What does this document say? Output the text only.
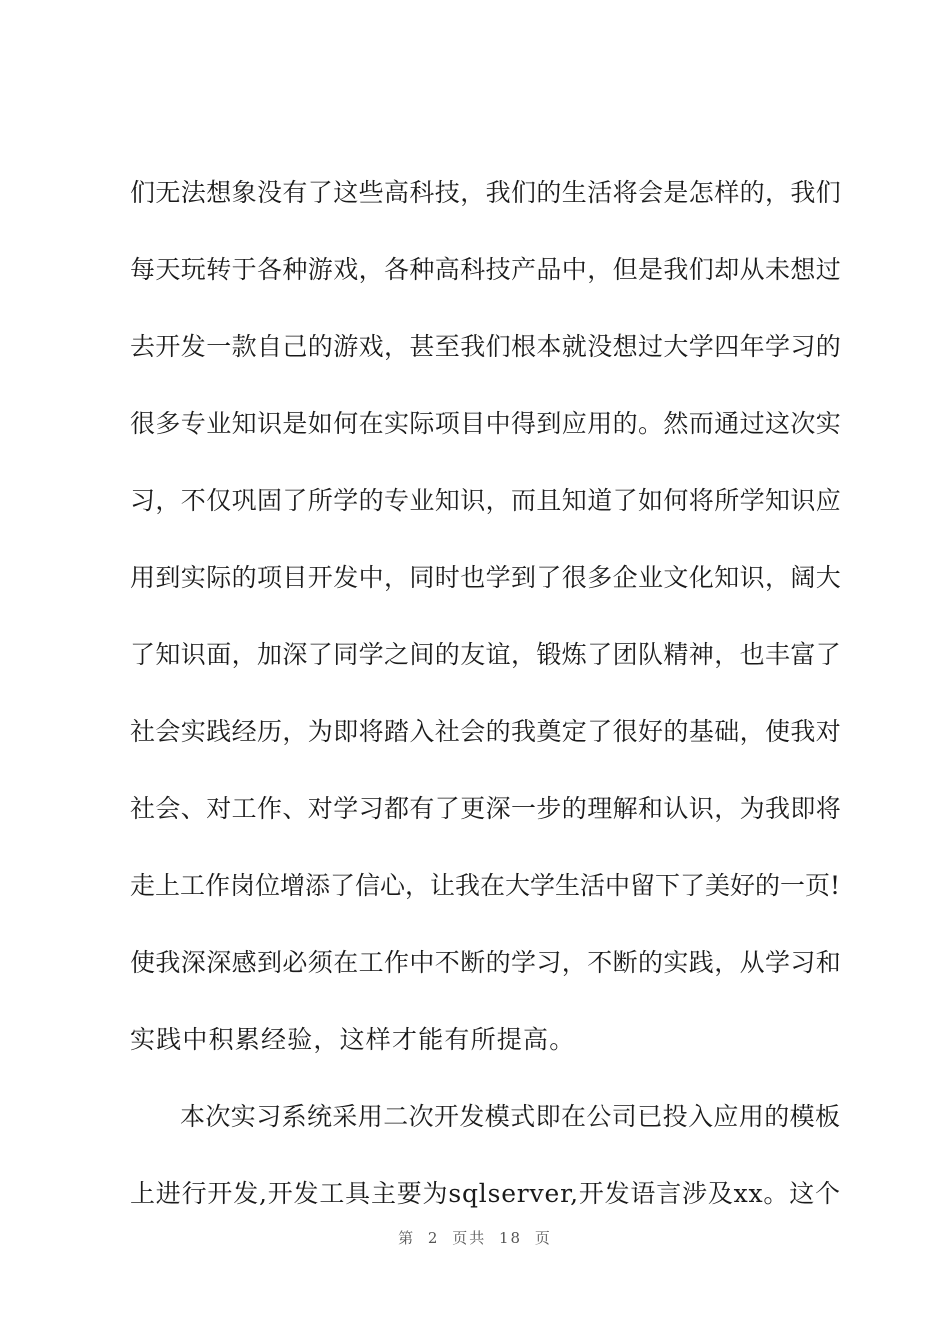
们无法想象没有了这些高科技，我们的生活将会是怎样的，我们
每天玩转于各种游戏，各种高科技产品中，但是我们却从未想过
去开发一款自己的游戏，甚至我们根本就没想过大学四年学习的
很多专业知识是如何在实际项目中得到应用的。然而通过这次实
习，不仅巩固了所学的专业知识，而且知道了如何将所学知识应
用到实际的项目开发中，同时也学到了很多企业文化知识，阔大
了知识面，加深了同学之间的友谊，锻炼了团队精神，也丰富了
社会实践经历，为即将踏入社会的我奠定了很好的基础，使我对
社会、对工作、对学习都有了更深一步的理解和认识，为我即将
走上工作岗位增添了信心，让我在大学生活中留下了美好的一页!
使我深深感到必须在工作中不断的学习，不断的实践，从学习和
实践中积累经验，这样才能有所提高。
本次实习系统采用二次开发模式即在公司已投入应用的模板
上进行开发,开发工具主要为sqlserver,开发语言涉及xx。这个
第 2 页共 18 页
